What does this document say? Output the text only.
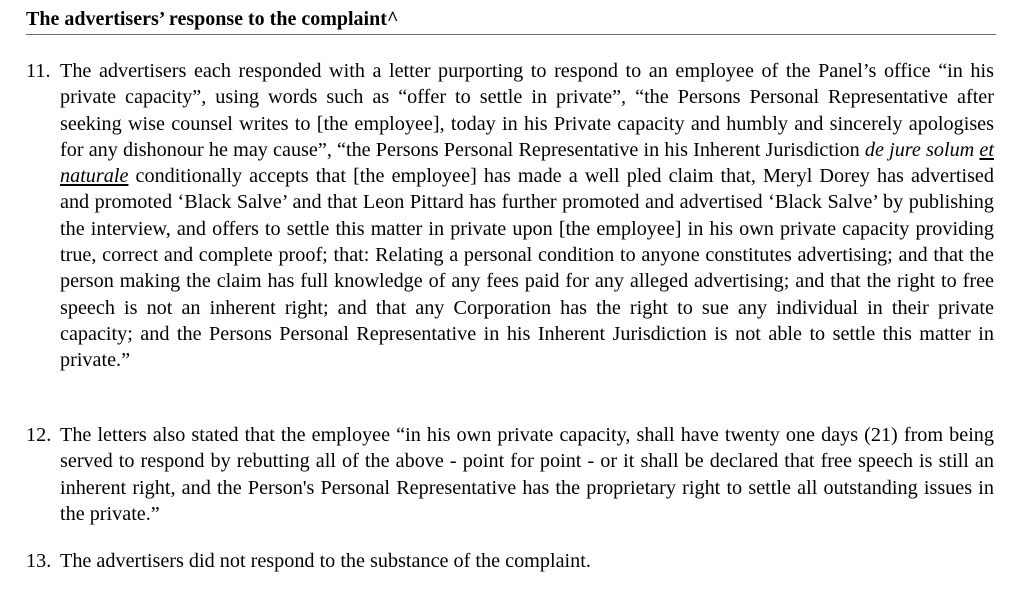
The advertisers’ response to the complaint^
11. The advertisers each responded with a letter purporting to respond to an employee of the Panel’s office “in his private capacity”, using words such as “offer to settle in private”, “the Persons Personal Representative after seeking wise counsel writes to [the employee], today in his Private capacity and humbly and sincerely apologises for any dishonour he may cause”, “the Persons Personal Representative in his Inherent Jurisdiction de jure solum et naturale conditionally accepts that [the employee] has made a well pled claim that, Meryl Dorey has advertised and promoted ‘Black Salve’ and that Leon Pittard has further promoted and advertised ‘Black Salve’ by publishing the interview, and offers to settle this matter in private upon [the employee] in his own private capacity providing true, correct and complete proof; that: Relating a personal condition to anyone constitutes advertising; and that the person making the claim has full knowledge of any fees paid for any alleged advertising; and that the right to free speech is not an inherent right; and that any Corporation has the right to sue any individual in their private capacity; and the Persons Personal Representative in his Inherent Jurisdiction is not able to settle this matter in private.”
12. The letters also stated that the employee “in his own private capacity, shall have twenty one days (21) from being served to respond by rebutting all of the above - point for point - or it shall be declared that free speech is still an inherent right, and the Person's Personal Representative has the proprietary right to settle all outstanding issues in the private.”
13. The advertisers did not respond to the substance of the complaint.
